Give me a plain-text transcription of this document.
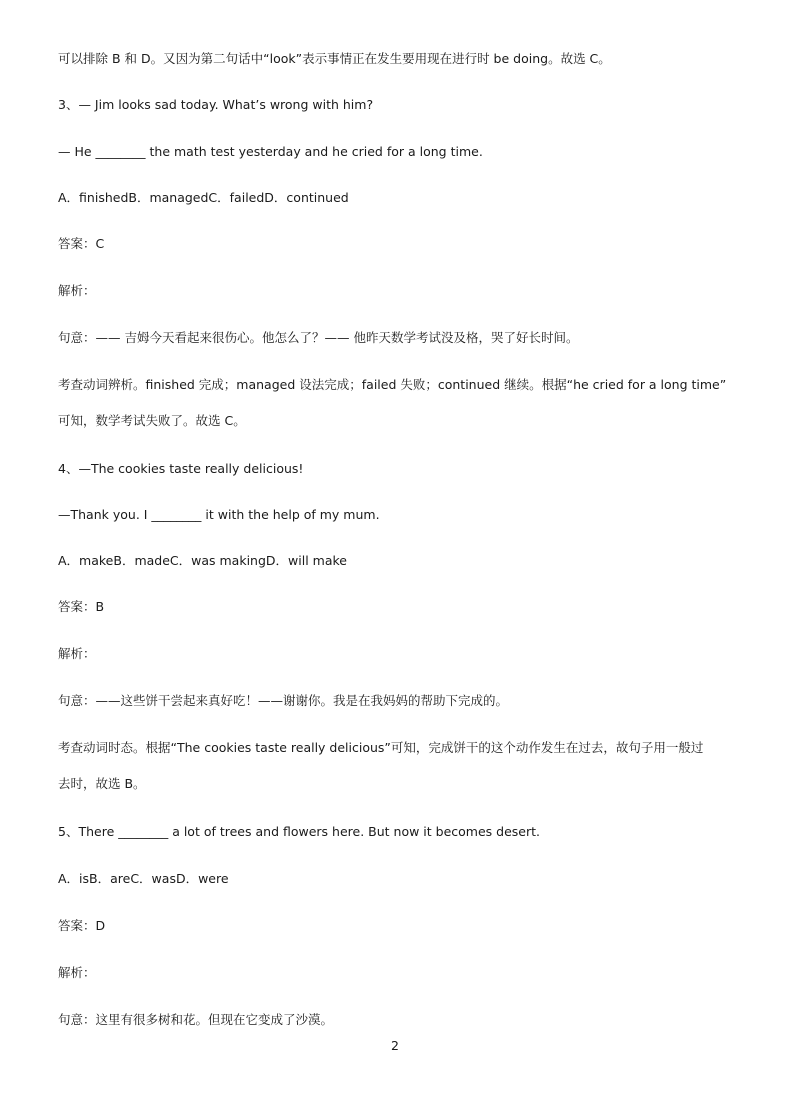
可以排除 B 和 D。又因为第二句话中“look”表示事情正在发生要用现在进行时 be doing。故选 C。
3、— Jim looks sad today. What’s wrong with him?
— He ________ the math test yesterday and he cried for a long time.
A．finishedB．managedC．failedD．continued
答案：C
解析：
句意：—— 吉姆今天看起来很伤心。他怎么了？—— 他昨天数学考试没及格，哭了好长时间。
考查动词辨析。finished 完成；managed 设法完成；failed 失败；continued 继续。根据“he cried for a long time”
可知，数学考试失败了。故选 C。
4、—The cookies taste really delicious!
—Thank you. I ________ it with the help of my mum.
A．makeB．madeC．was makingD．will make
答案：B
解析：
句意：——这些饼干尝起来真好吃！——谢谢你。我是在我妈妈的帮助下完成的。
考查动词时态。根据“The cookies taste really delicious”可知，完成饼干的这个动作发生在过去，故句子用一般过
去时，故选 B。
5、There ________ a lot of trees and flowers here. But now it becomes desert.
A．isB．areC．wasD．were
答案：D
解析：
句意：这里有很多树和花。但现在它变成了沙漠。
2
